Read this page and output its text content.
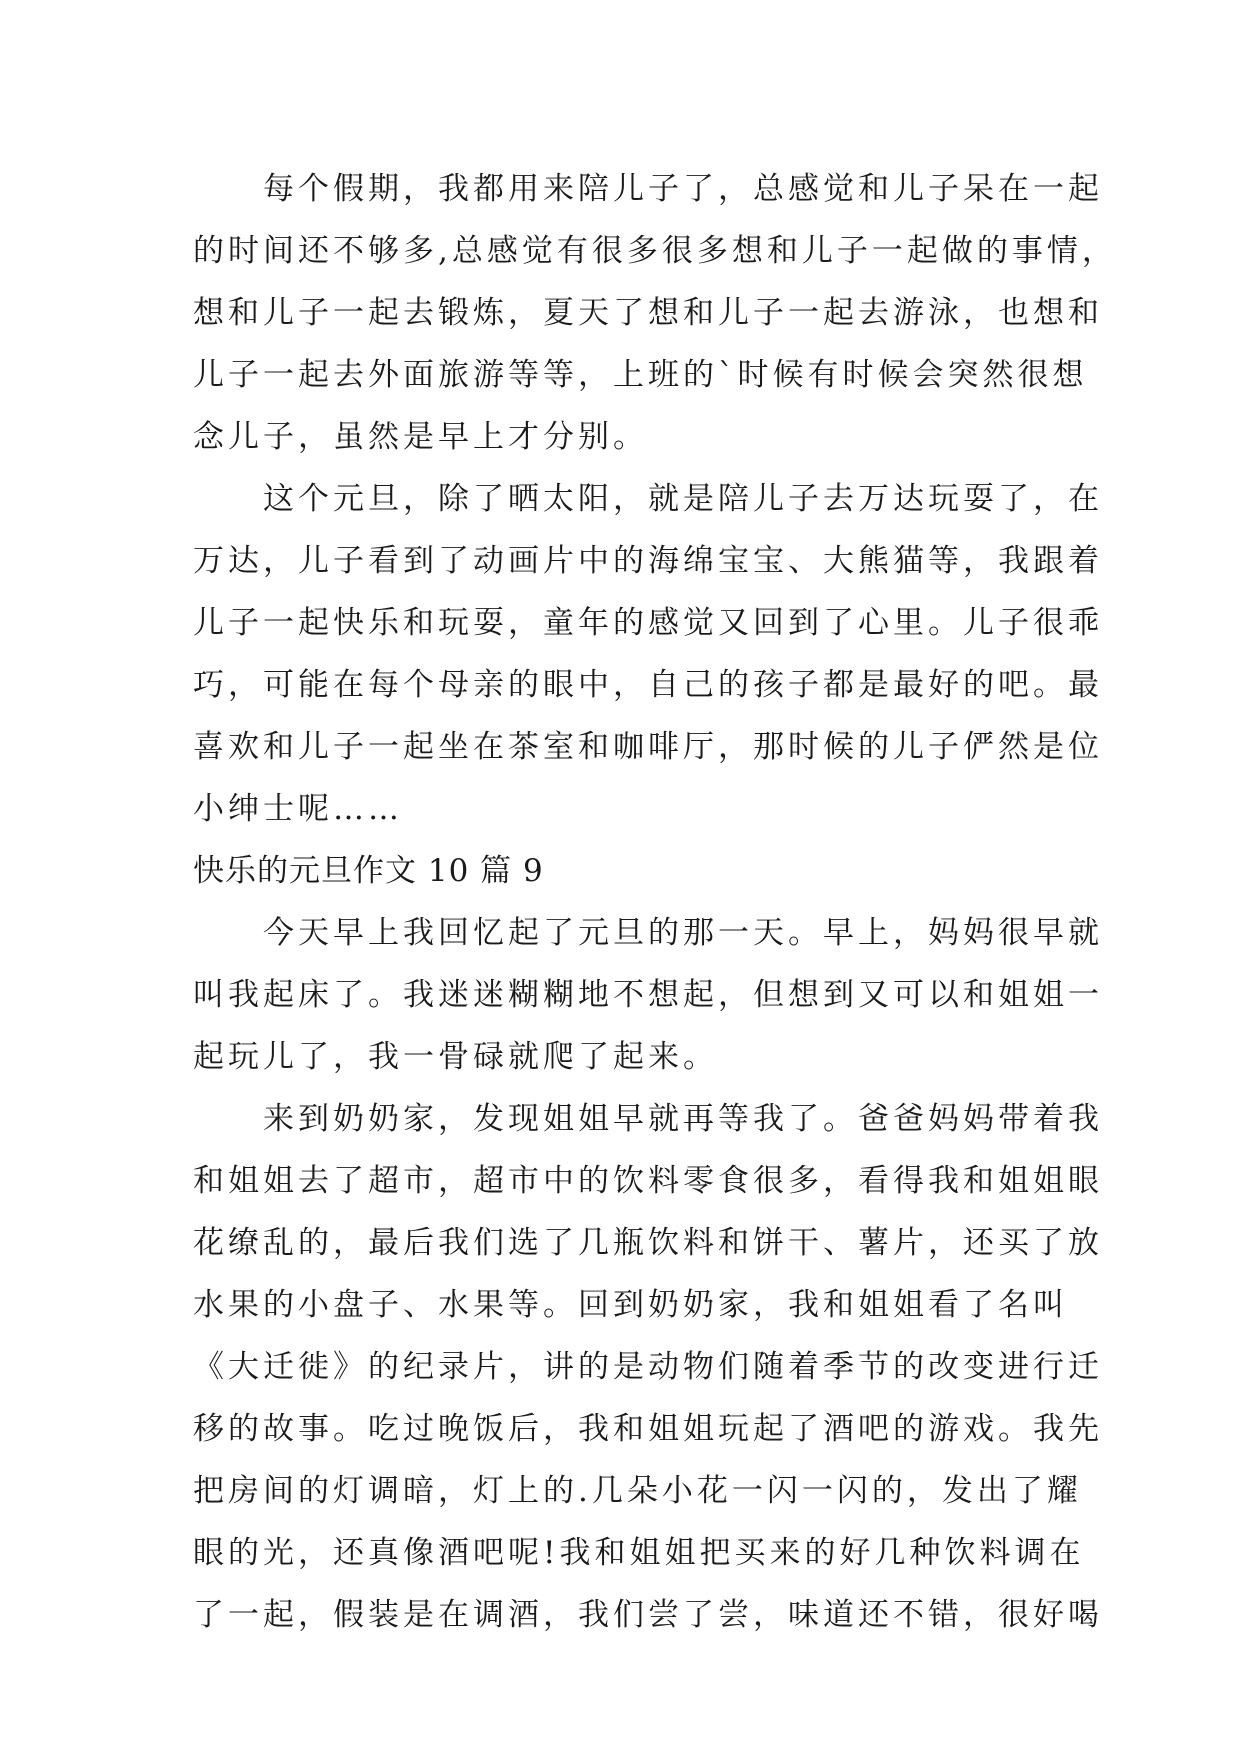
每个假期，我都用来陪儿子了，总感觉和儿子呆在一起
的时间还不够多,总感觉有很多很多想和儿子一起做的事情，
想和儿子一起去锻炼，夏天了想和儿子一起去游泳，也想和
儿子一起去外面旅游等等，上班的`时候有时候会突然很想
念儿子，虽然是早上才分别。
这个元旦，除了晒太阳，就是陪儿子去万达玩耍了，在
万达，儿子看到了动画片中的海绵宝宝、大熊猫等，我跟着
儿子一起快乐和玩耍，童年的感觉又回到了心里。儿子很乖
巧，可能在每个母亲的眼中，自己的孩子都是最好的吧。最
喜欢和儿子一起坐在茶室和咖啡厅，那时候的儿子俨然是位
小绅士呢……
快乐的元旦作文 10 篇 9
今天早上我回忆起了元旦的那一天。早上，妈妈很早就
叫我起床了。我迷迷糊糊地不想起，但想到又可以和姐姐一
起玩儿了，我一骨碌就爬了起来。
来到奶奶家，发现姐姐早就再等我了。爸爸妈妈带着我
和姐姐去了超市，超市中的饮料零食很多，看得我和姐姐眼
花缭乱的，最后我们选了几瓶饮料和饼干、薯片，还买了放
水果的小盘子、水果等。回到奶奶家，我和姐姐看了名叫
《大迁徙》的纪录片，讲的是动物们随着季节的改变进行迁
移的故事。吃过晚饭后，我和姐姐玩起了酒吧的游戏。我先
把房间的灯调暗，灯上的.几朵小花一闪一闪的，发出了耀
眼的光，还真像酒吧呢!我和姐姐把买来的好几种饮料调在
了一起，假装是在调酒，我们尝了尝，味道还不错，很好喝
